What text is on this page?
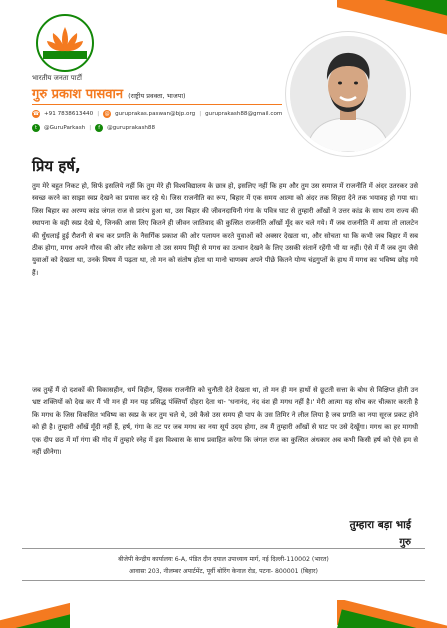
भारतीय जनता पार्टी
गुरु प्रकाश पासवान (राष्ट्रीय प्रवक्ता, भाजपा)
☎ +91 7838613440 |	@ guruprakas.paswan@bjp.org | guruprakash88@gmail.com
t	@GuruParkash |	f	@guruprakash88
प्रिय हर्ष,
तुम मेरे बहुत निकट हो, सिर्फ इसलिये नहीं कि तुम मेरे ही विश्वविद्यालय के छात्र हो, इसलिए नहीं कि हम और तुम उस समाज में राजनीति में अंदर उतरकर उसे स्वच्छ करने का साझा स्वप्न देखने का प्रयास कर रहे थे। जिस राजनीति का रूप, बिहार में एक समय आत्मा को अंदर तक सिहरा देने तक भयावह हो गया था। जिस बिहार का अरण्य कांड जंगल राज से प्रारंभ हुआ था, उस बिहार की जीवनदायिनी गंगा के पवित्र घाट से तुम्हारी आँखों ने उत्तर कांड के साथ राम राज्य की स्थापना के वही स्वप्न देखे थे, जिनकी आस लिए कितने ही जीवन जातिवाद की कुत्सित राजनीति आँखों मूँद कर चले गये। मैं जब राजनीति में आया तो लालटेन की धुँधलाई हुई रौशनी से बच कर प्रगति के नैसर्गिक प्रकाश की ओर पलायन करते युवाओं को अक्सर देखता था, और सोचता था कि कभी जब बिहार में सब ठीक होगा, मगध अपने गौरव की ओर लौट सकेगा तो उस समय मिट्टी से मगध का उत्थान देखने के लिए उसकी संतानें रहेंगी भी या नहीं। ऐसे में मैं जब तुम जैसे युवाओं को देखता था, उनके विषय में पढ़ता था, तो मन को संतोष होता था मानो चाणक्य अपने पीछे कितने योग्य चंद्रगुप्तों के हाथ में मगध का भविष्य छोड़ गये हैं।
जब तुम्हें मैं दो दशकों की विकासहीन, धर्म विहीन, हिंसक राजनीति को चुनौती देते देखता था, तो मन ही मन हाथों से छूटती सत्ता के बोध से विक्षिप्त होती उन भ्रष्ट शक्तियों को देख कर मैं भी मन ही मन यह प्रसिद्ध पंक्तियाँ दोहरा देता था- 'धनानंद, नंद वंश ही मगध नहीं है।' मेरी आत्मा यह सोच कर चीत्कार करती है कि मगध के जिस विकसित भविष्य का स्वप्न के कर तुम चले थे, उसे कैसे उस समय ही पाप के उस तिमिर ने लील लिया है जब प्रगति का नया सूरज प्रकट होने को ही है। तुम्हारी आँखें मूँदी नहीं हैं, हर्ष, गंगा के तट पर जब मगध का नया सूर्य उदय होगा, तब मैं तुम्हारी आँखों से घाट पर उसे देखूँगा। मगध का हर मागधी एक दीप छठ में माँ गंगा की गोद में तुम्हारे स्नेह में इस विश्वास के साथ प्रवाहित करेगा कि जंगल राज का कुत्सित अंधकार अब कभी किसी हर्ष को ऐसे हम से नहीं छीनेगा।
तुम्हारा बड़ा भाई
गुरु
बीजेपी केन्द्रीय कार्यालयः 6-A, पंडित दीन दयाल उपाध्याय मार्ग, नई दिल्ली-110002 (भारत)
आवासः 203, नीलम्बर अपार्टमेंट, पूर्वी बोरिंग केनाल रोड, पटना- 800001 (बिहार)
